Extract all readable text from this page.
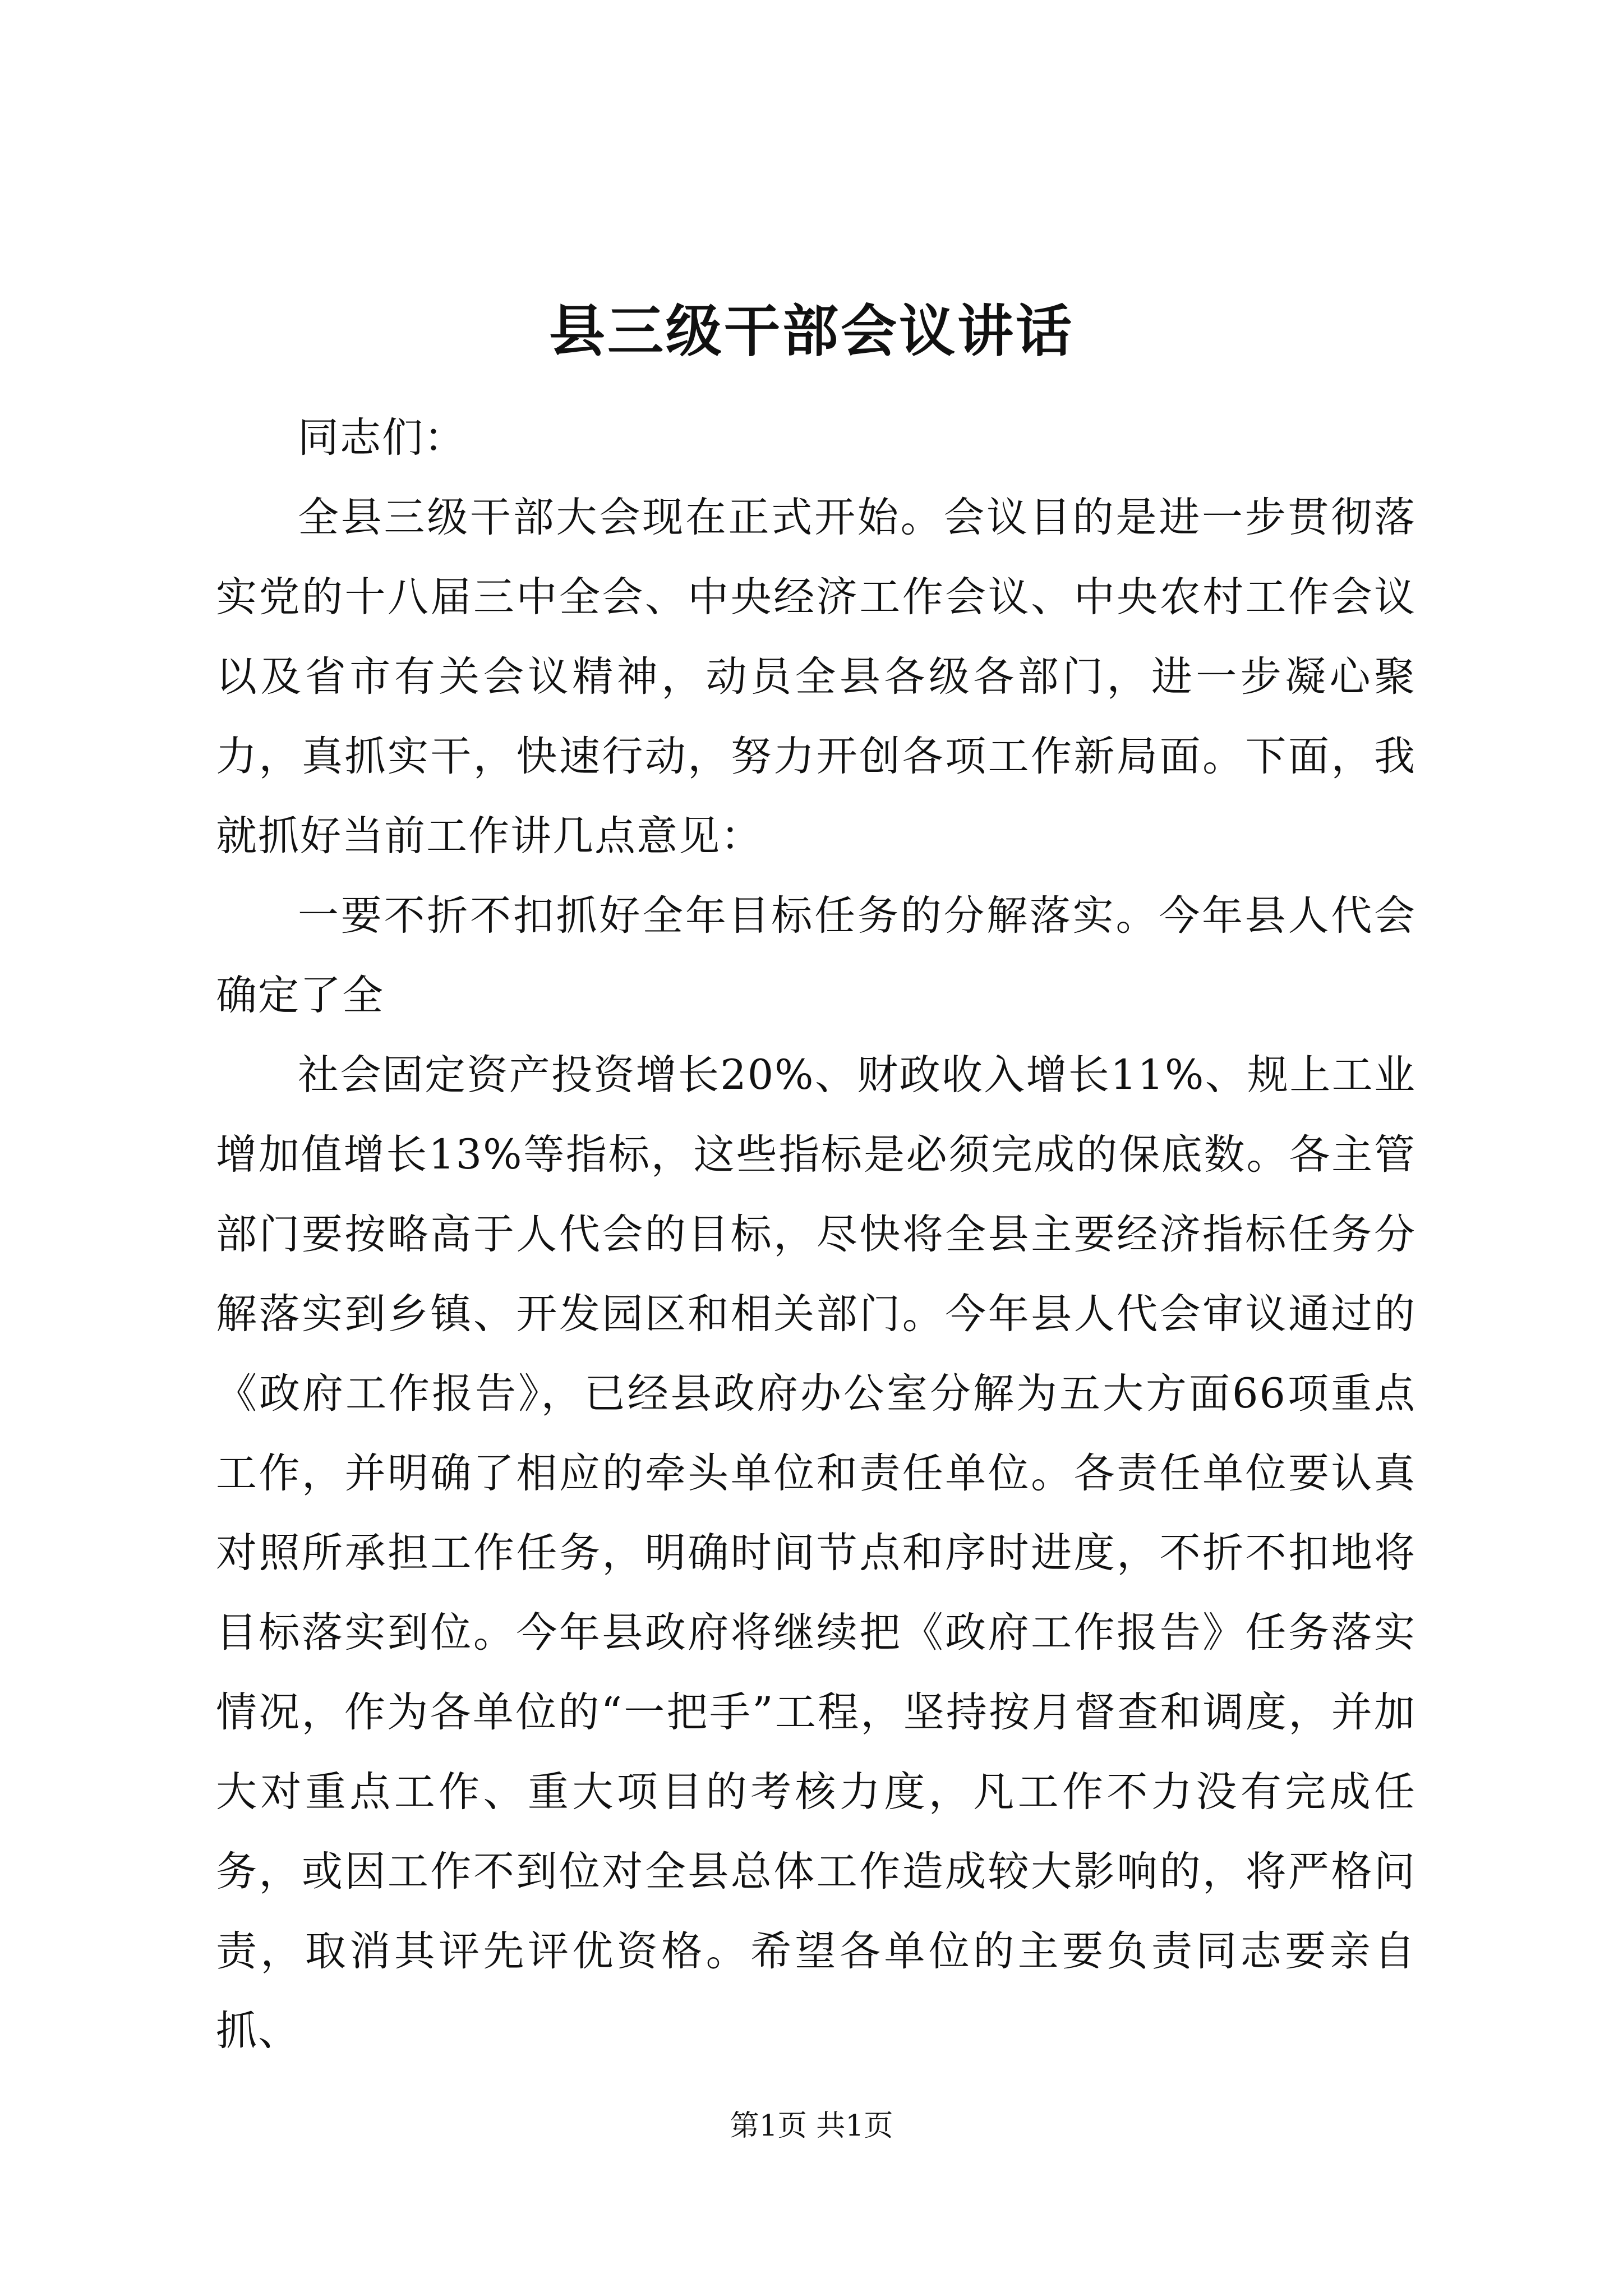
县三级干部会议讲话

同志们：

全县三级干部大会现在正式开始。会议目的是进一步贯彻落实党的十八届三中全会、中央经济工作会议、中央农村工作会议以及省市有关会议精神，动员全县各级各部门，进一步凝心聚力，真抓实干，快速行动，努力开创各项工作新局面。下面，我就抓好当前工作讲几点意见：

一要不折不扣抓好全年目标任务的分解落实。今年县人代会确定了全

社会固定资产投资增长20%、财政收入增长11%、规上工业增加值增长13%等指标，这些指标是必须完成的保底数。各主管部门要按略高于人代会的目标，尽快将全县主要经济指标任务分解落实到乡镇、开发园区和相关部门。今年县人代会审议通过的《政府工作报告》，已经县政府办公室分解为五大方面66项重点工作，并明确了相应的牵头单位和责任单位。各责任单位要认真对照所承担工作任务，明确时间节点和序时进度，不折不扣地将目标落实到位。今年县政府将继续把《政府工作报告》任务落实情况，作为各单位的“一把手”工程，坚持按月督查和调度，并加大对重点工作、重大项目的考核力度，凡工作不力没有完成任务，或因工作不到位对全县总体工作造成较大影响的，将严格问责，取消其评先评优资格。希望各单位的主要负责同志要亲自抓、

第1页 共1页
